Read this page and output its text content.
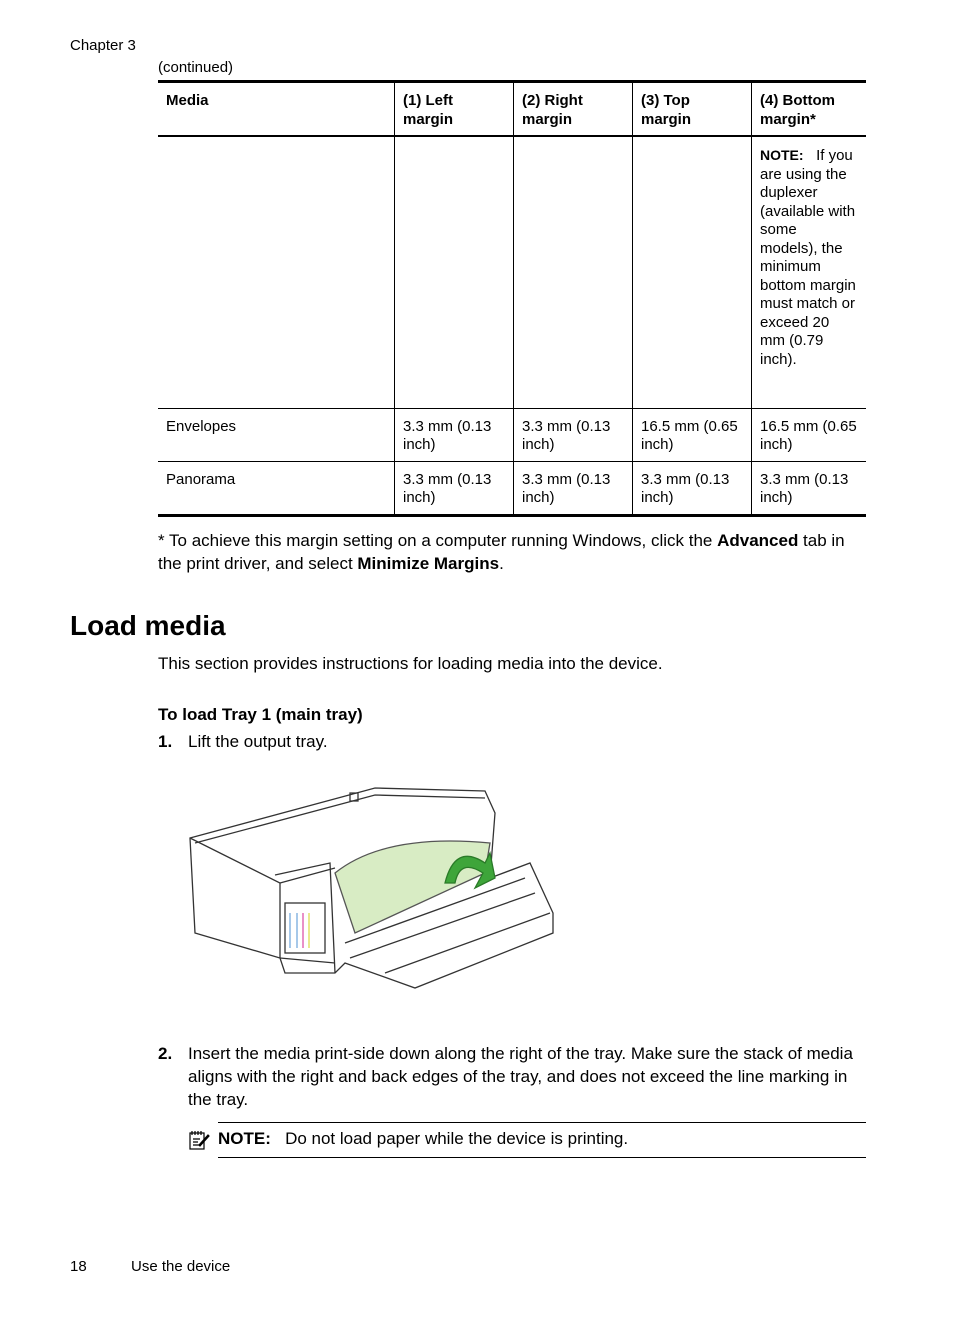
Chapter 3
(continued)
Media	(1) Left margin	(2) Right margin	(3) Top margin	(4) Bottom margin*
				NOTE: If you are using the duplexer (available with some models), the minimum bottom margin must match or exceed 20 mm (0.79 inch).
Envelopes	3.3 mm (0.13 inch)	3.3 mm (0.13 inch)	16.5 mm (0.65 inch)	16.5 mm (0.65 inch)
Panorama	3.3 mm (0.13 inch)	3.3 mm (0.13 inch)	3.3 mm (0.13 inch)	3.3 mm (0.13 inch)
* To achieve this margin setting on a computer running Windows, click the Advanced tab in the print driver, and select Minimize Margins.
Load media
This section provides instructions for loading media into the device.
To load Tray 1 (main tray)
1. Lift the output tray.
2. Insert the media print-side down along the right of the tray. Make sure the stack of media aligns with the right and back edges of the tray, and does not exceed the line marking in the tray.
NOTE: Do not load paper while the device is printing.
18	Use the device
